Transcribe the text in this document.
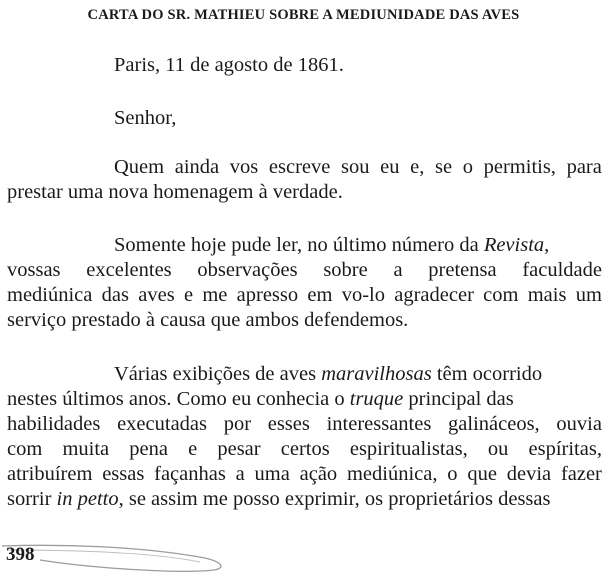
CARTA DO SR. MATHIEU SOBRE A MEDIUNIDADE DAS AVES
Paris, 11 de agosto de 1861.
Senhor,
Quem ainda vos escreve sou eu e, se o permitis, para
prestar uma nova homenagem à verdade.
Somente hoje pude ler, no último número da Revista ,
vossas excelentes observações sobre a pretensa faculdade
mediúnica das aves e me apresso em vo-lo agradecer com mais um
serviço prestado à causa que ambos defendemos.
Várias exibições de aves maravilhosas têm ocorrido
nestes últimos anos. Como eu conhecia o truque principal das
habilidades executadas por esses interessantes galináceos, ouvia
com muita pena e pesar certos espiritualistas, ou espíritas,
atribuírem essas façanhas a uma ação mediúnica, o que devia fazer
sorrir in petto , se assim me posso exprimir, os proprietários dessas
398
